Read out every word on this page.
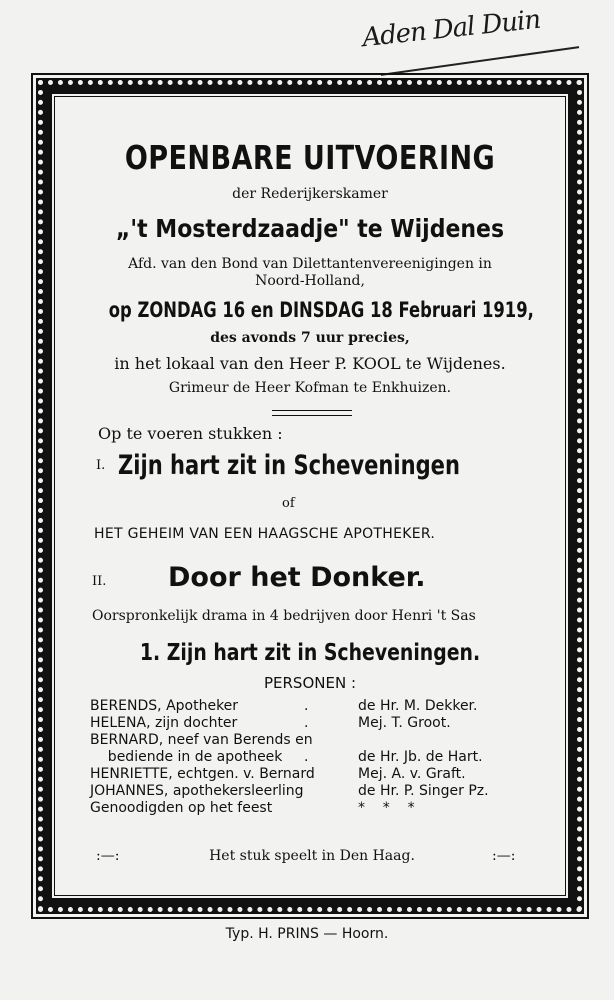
Aden Dal Duin
OPENBARE UITVOERING
der Rederijkerskamer
„'t Mosterdzaadje" te Wijdenes
Afd. van den Bond van Dilettantenvereenigingen in
Noord-Holland,
op ZONDAG 16 en DINSDAG 18 Februari 1919,
des avonds 7 uur precies,
in het lokaal van den Heer P. KOOL te Wijdenes.
Grimeur de Heer Kofman te Enkhuizen.
Op te voeren stukken :
I. Zijn hart zit in Scheveningen
of
HET GEHEIM VAN EEN HAAGSCHE APOTHEKER.
II. Door het Donker.
Oorspronkelijk drama in 4 bedrijven door Henri 't Sas
1. Zijn hart zit in Scheveningen.
PERSONEN :
BERENDS, Apotheker	.	de Hr. M. Dekker.
HELENA, zijn dochter	.	Mej. T. Groot.
BERNARD, neef van Berends en
bediende in de apotheek .	de Hr. Jb. de Hart.
HENRIETTE, echtgen. v. Bernard	Mej. A. v. Graft.
JOHANNES, apothekersleerling	de Hr. P. Singer Pz.
Genoodigden op het feest	*    *    *
:—:	Het stuk speelt in Den Haag.	:—:
Typ. H. PRINS — Hoorn.
